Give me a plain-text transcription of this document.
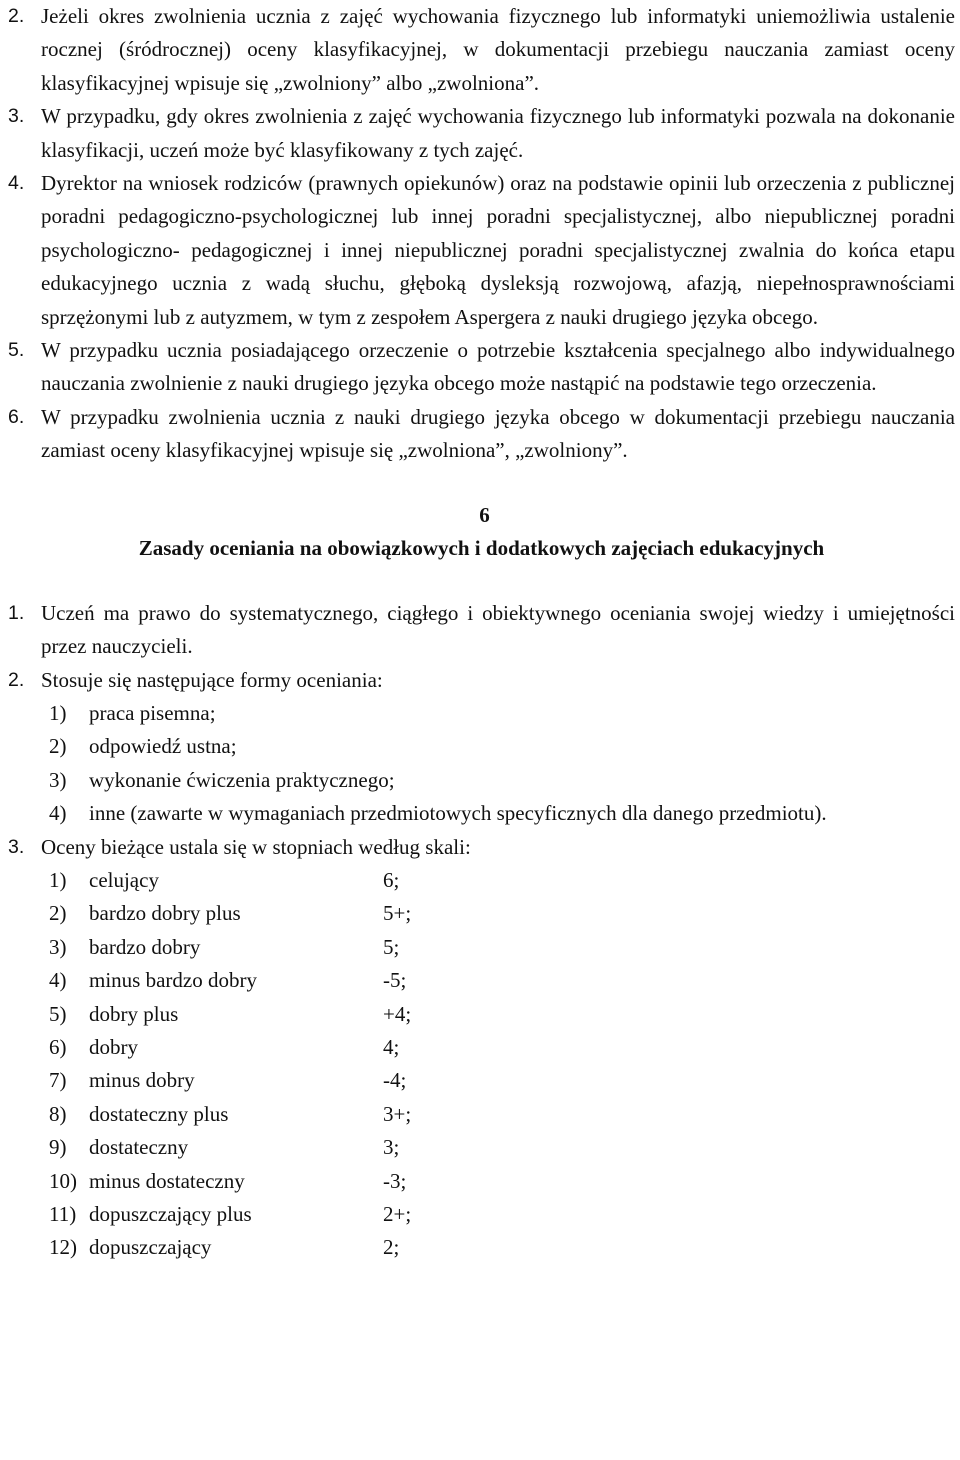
2. Jeżeli okres zwolnienia ucznia z zajęć wychowania fizycznego lub informatyki uniemożliwia ustalenie rocznej (śródrocznej) oceny klasyfikacyjnej, w dokumentacji przebiegu nauczania zamiast oceny klasyfikacyjnej wpisuje się „zwolniony” albo „zwolniona”.
3. W przypadku, gdy okres zwolnienia z zajęć wychowania fizycznego lub informatyki pozwala na dokonanie klasyfikacji, uczeń może być klasyfikowany z tych zajęć.
4. Dyrektor na wniosek rodziców (prawnych opiekunów) oraz na podstawie opinii lub orzeczenia z publicznej poradni pedagogiczno-psychologicznej lub innej poradni specjalistycznej, albo niepublicznej poradni psychologiczno- pedagogicznej i innej niepublicznej poradni specjalistycznej zwalnia do końca etapu edukacyjnego ucznia z wadą słuchu, głęboką dysleksją rozwojową, afazją, niepełnosprawnościami sprzężonymi lub z autyzmem, w tym z zespołem Aspergera z nauki drugiego języka obcego.
5. W przypadku ucznia posiadającego orzeczenie o potrzebie kształcenia specjalnego albo indywidualnego nauczania zwolnienie z nauki drugiego języka obcego może nastąpić na podstawie tego orzeczenia.
6. W przypadku zwolnienia ucznia z nauki drugiego języka obcego w dokumentacji przebiegu nauczania zamiast oceny klasyfikacyjnej wpisuje się „zwolniona”, „zwolniony”.
6
Zasady oceniania na obowiązkowych i dodatkowych zajęciach edukacyjnych
1. Uczeń ma prawo do systematycznego, ciągłego i obiektywnego oceniania swojej wiedzy i umiejętności przez nauczycieli.
2. Stosuje się następujące formy oceniania:
1)	praca pisemna;
2)	odpowiedź ustna;
3)	wykonanie ćwiczenia praktycznego;
4)	inne (zawarte w wymaganiach przedmiotowych specyficznych dla danego przedmiotu).
3. Oceny bieżące ustala się w stopniach według skali:
1)	celujący	6;
2)	bardzo dobry plus	5+;
3)	bardzo dobry	5;
4)	minus bardzo dobry	-5;
5)	dobry plus	+4;
6)	dobry	4;
7)	minus dobry	-4;
8)	dostateczny plus	3+;
9)	dostateczny	3;
10) minus dostateczny	-3;
11) dopuszczający plus	2+;
12) dopuszczający	2;
